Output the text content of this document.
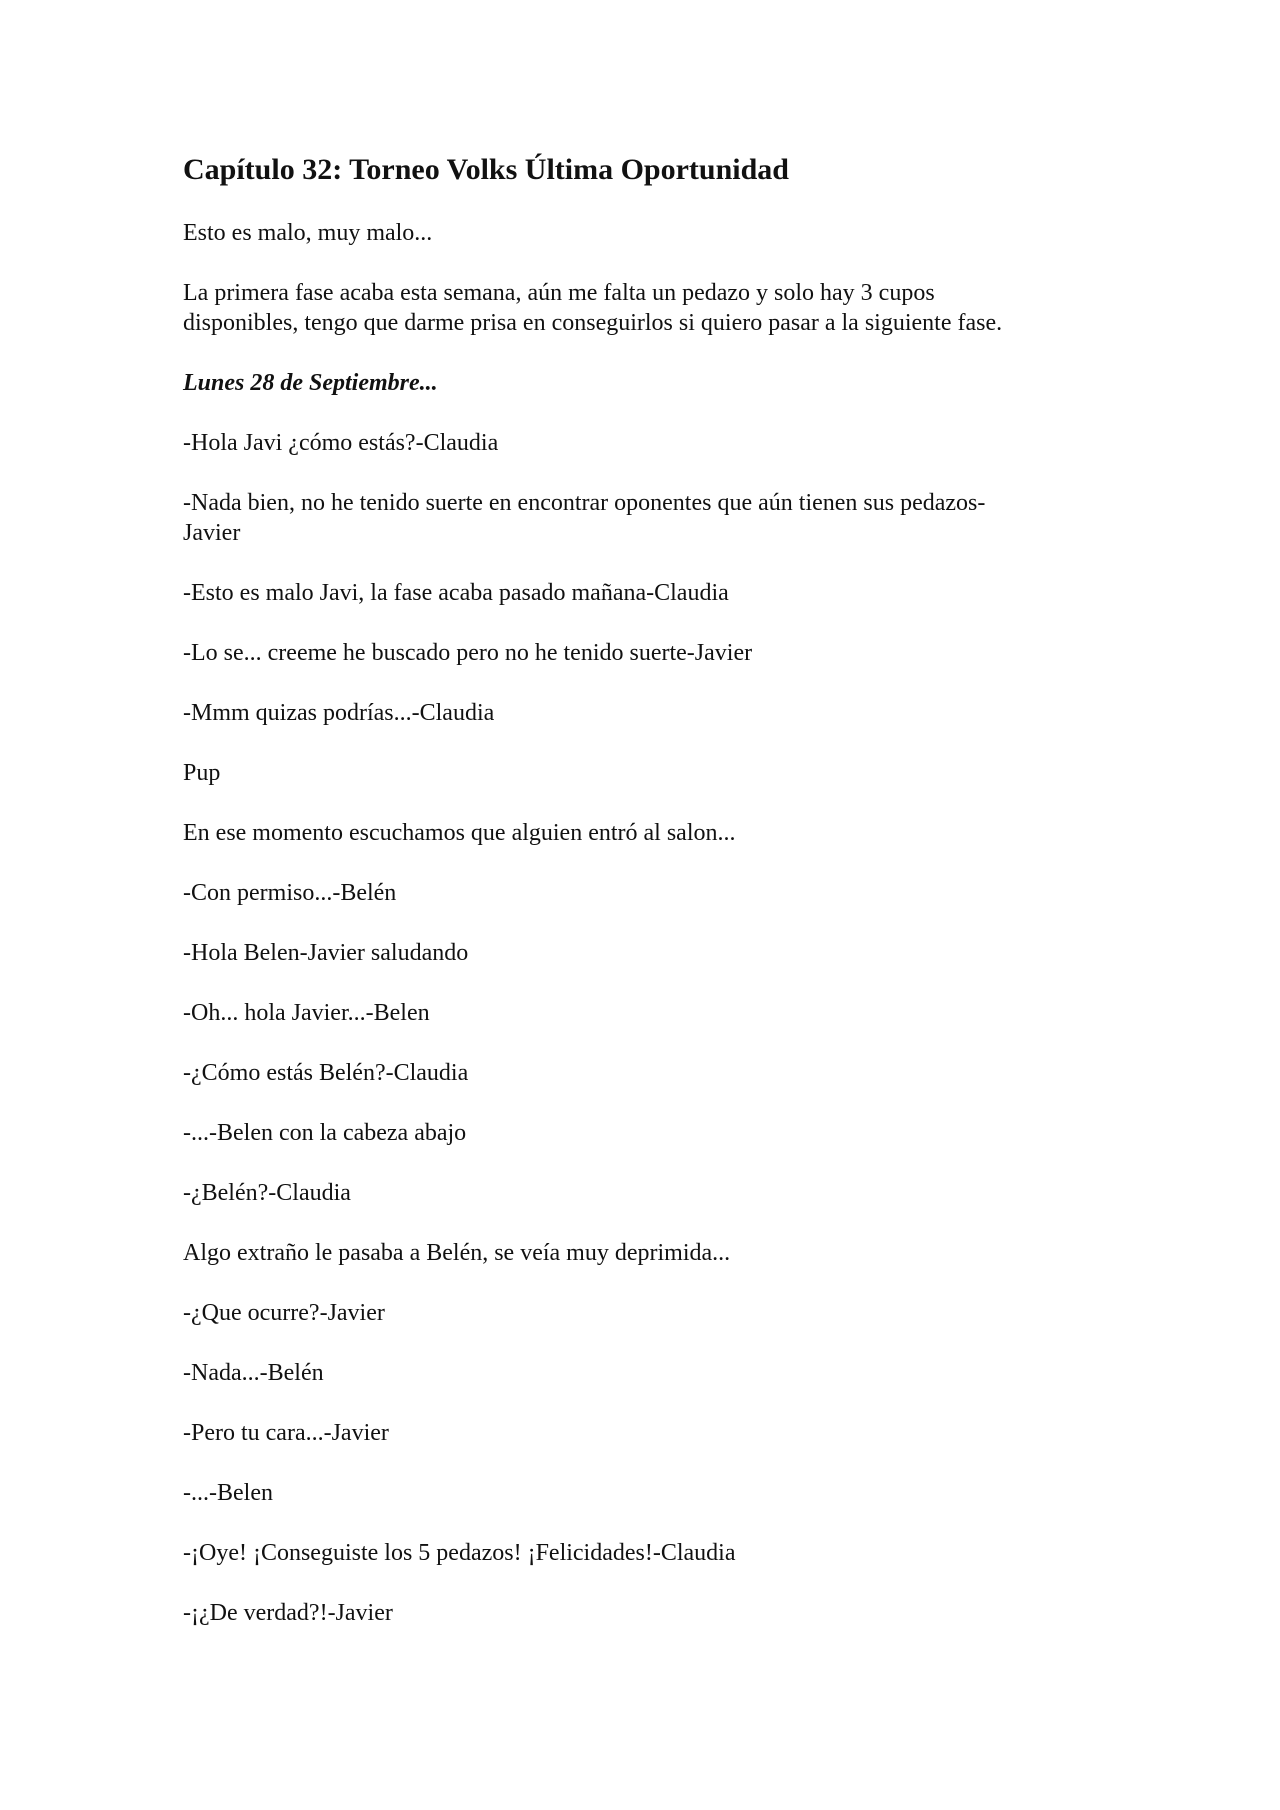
Capítulo 32: Torneo Volks Última Oportunidad

Esto es malo, muy malo...

La primera fase acaba esta semana, aún me falta un pedazo y solo hay 3 cupos
disponibles, tengo que darme prisa en conseguirlos si quiero pasar a la siguiente fase.

Lunes 28 de Septiembre...

-Hola Javi ¿cómo estás?-Claudia

-Nada bien, no he tenido suerte en encontrar oponentes que aún tienen sus pedazos-
Javier

-Esto es malo Javi, la fase acaba pasado mañana-Claudia

-Lo se... creeme he buscado pero no he tenido suerte-Javier

-Mmm quizas podrías...-Claudia

Pup

En ese momento escuchamos que alguien entró al salon...

-Con permiso...-Belén

-Hola Belen-Javier saludando

-Oh... hola Javier...-Belen

-¿Cómo estás Belén?-Claudia

-...-Belen con la cabeza abajo

-¿Belén?-Claudia

Algo extraño le pasaba a Belén, se veía muy deprimida...

-¿Que ocurre?-Javier

-Nada...-Belén

-Pero tu cara...-Javier

-...-Belen

-¡Oye! ¡Conseguiste los 5 pedazos! ¡Felicidades!-Claudia

-¡¿De verdad?!-Javier
